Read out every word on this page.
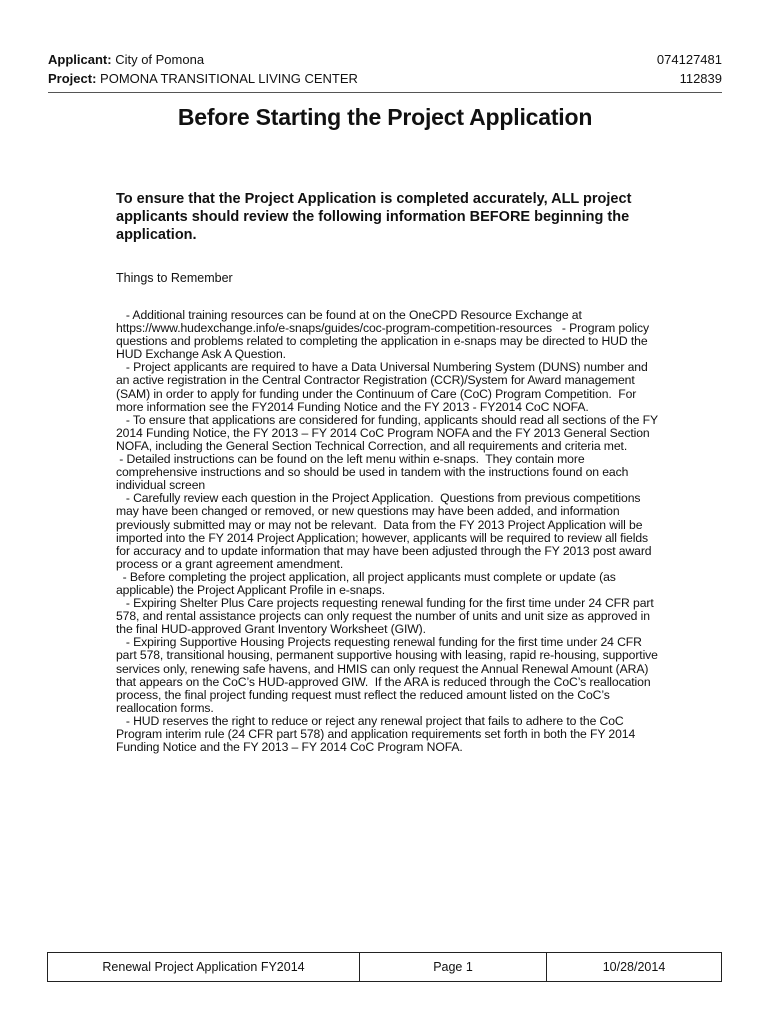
Applicant: City of Pomona	074127481
Project: POMONA TRANSITIONAL LIVING CENTER	112839
Before Starting the Project Application
To ensure that the Project Application is completed accurately, ALL project applicants should review the following information BEFORE beginning the application.
Things to Remember

- Additional training resources can be found at on the OneCPD Resource Exchange at https://www.hudexchange.info/e-snaps/guides/coc-program-competition-resources   - Program policy questions and problems related to completing the application in e-snaps may be directed to HUD the  HUD Exchange Ask A Question.

- Project applicants are required to have a Data Universal Numbering System (DUNS) number and an active registration in the Central Contractor Registration (CCR)/System for Award management (SAM) in order to apply for funding under the Continuum of Care (CoC) Program Competition.  For more information see the FY2014 Funding Notice and the FY 2013 - FY2014 CoC NOFA.

- To ensure that applications are considered for funding, applicants should read all sections of the FY 2014 Funding Notice, the FY 2013 – FY 2014 CoC Program NOFA and the FY 2013 General Section NOFA, including the General Section Technical Correction, and all requirements and criteria met.

- Detailed instructions can be found on the left menu within e-snaps.  They contain more comprehensive instructions and so should be used in tandem with the instructions found on each individual screen

- Carefully review each question in the Project Application.  Questions from previous competitions may have been changed or removed, or new questions may have been added, and information previously submitted may or may not be relevant.  Data from the FY 2013 Project Application will be imported into the FY 2014 Project Application; however, applicants will be required to review all fields for accuracy and to update information that may have been adjusted through the FY 2013 post award process or a grant agreement amendment.

- Before completing the project application, all project applicants must complete or update (as applicable) the Project Applicant Profile in e-snaps.

- Expiring Shelter Plus Care projects requesting renewal funding for the first time under 24 CFR part 578, and rental assistance projects can only request the number of units and unit size as approved in the final HUD-approved Grant Inventory Worksheet (GIW).

- Expiring Supportive Housing Projects requesting renewal funding for the first time under 24 CFR part 578, transitional housing, permanent supportive housing with leasing, rapid re-housing, supportive services only, renewing safe havens, and HMIS can only request the Annual Renewal Amount (ARA) that appears on the CoC’s HUD-approved GIW.  If the ARA is reduced through the CoC’s reallocation process, the final project funding request must reflect the reduced amount listed on the CoC’s reallocation forms.

- HUD reserves the right to reduce or reject any renewal project that fails to adhere to the CoC Program interim rule (24 CFR part 578) and application requirements set forth in both the FY 2014 Funding Notice and the FY 2013 – FY 2014 CoC Program NOFA.

Renewal Project Application FY2014	Page 1	10/28/2014
